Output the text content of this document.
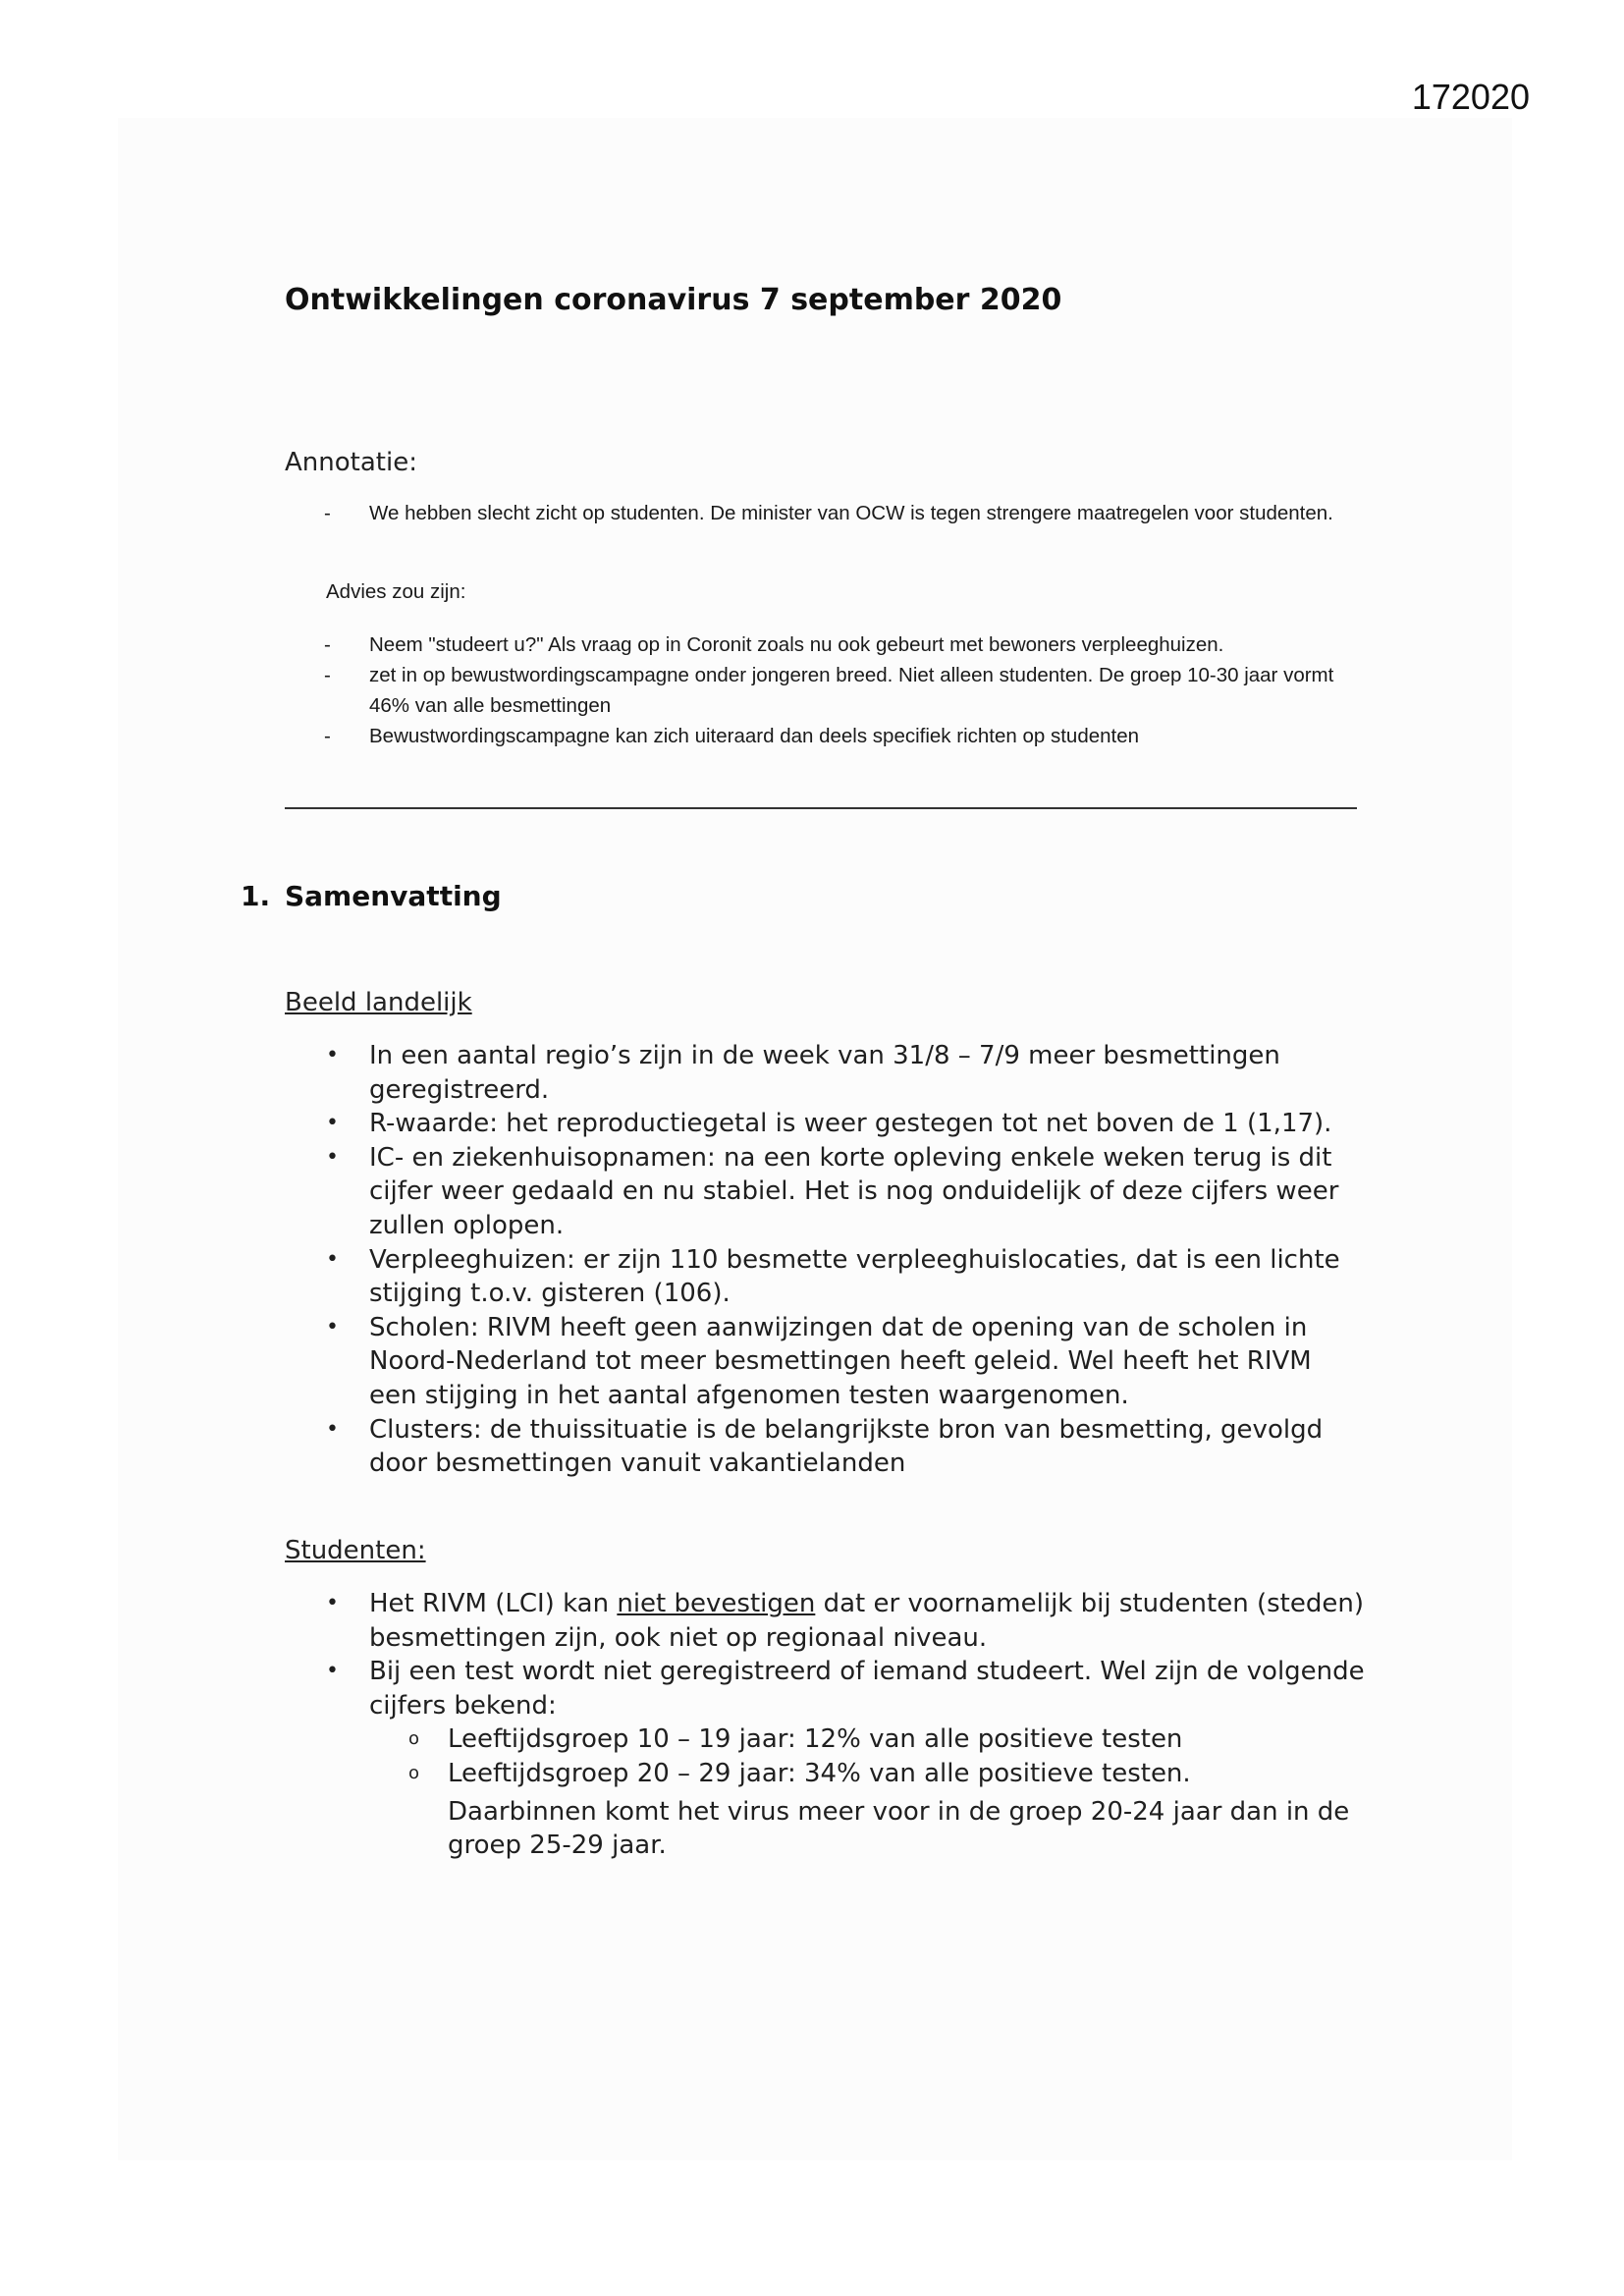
172020
Ontwikkelingen coronavirus 7 september 2020
Annotatie:
- We hebben slecht zicht op studenten. De minister van OCW is tegen strengere maatregelen voor studenten.

Advies zou zijn:

- Neem "studeert u?" Als vraag op in Coronit zoals nu ook gebeurt met bewoners verpleeghuizen.
- zet in op bewustwordingscampagne onder jongeren breed. Niet alleen studenten. De groep 10-30 jaar vormt 46% van alle besmettingen
- Bewustwordingscampagne kan zich uiteraard dan deels specifiek richten op studenten
1. Samenvatting
Beeld landelijk
• In een aantal regio’s zijn in de week van 31/8 – 7/9 meer besmettingen geregistreerd.
• R-waarde: het reproductiegetal is weer gestegen tot net boven de 1 (1,17).
• IC- en ziekenhuisopnamen: na een korte opleving enkele weken terug is dit cijfer weer gedaald en nu stabiel. Het is nog onduidelijk of deze cijfers weer zullen oplopen.
• Verpleeghuizen: er zijn 110 besmette verpleeghuislocaties, dat is een lichte stijging t.o.v. gisteren (106).
• Scholen: RIVM heeft geen aanwijzingen dat de opening van de scholen in Noord-Nederland tot meer besmettingen heeft geleid. Wel heeft het RIVM een stijging in het aantal afgenomen testen waargenomen.
• Clusters: de thuissituatie is de belangrijkste bron van besmetting, gevolgd door besmettingen vanuit vakantielanden
Studenten:
• Het RIVM (LCI) kan niet bevestigen dat er voornamelijk bij studenten (steden) besmettingen zijn, ook niet op regionaal niveau.
• Bij een test wordt niet geregistreerd of iemand studeert. Wel zijn de volgende cijfers bekend:
o Leeftijdsgroep 10 – 19 jaar: 12% van alle positieve testen
o Leeftijdsgroep 20 – 29 jaar: 34% van alle positieve testen.
Daarbinnen komt het virus meer voor in de groep 20-24 jaar dan in de groep 25-29 jaar.
